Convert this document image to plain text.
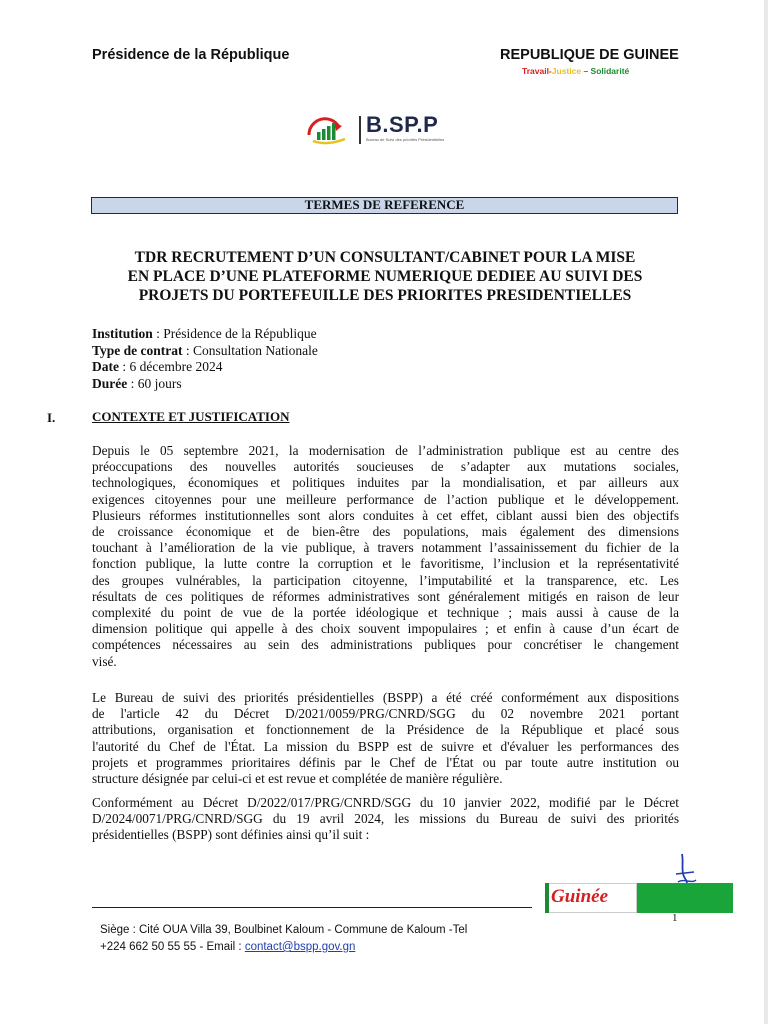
Présidence de la République	REPUBLIQUE DE GUINEE
Travail-Justice – Solidarité
B.SP.P
Bureau de Suivi des priorités Présidentielles
TERMES DE REFERENCE
TDR RECRUTEMENT D’UN CONSULTANT/CABINET POUR LA MISE
EN PLACE D’UNE PLATEFORME NUMERIQUE DEDIEE AU SUIVI DES
PROJETS DU PORTEFEUILLE DES PRIORITES PRESIDENTIELLES
Institution : Présidence de la République
Type de contrat : Consultation Nationale
Date : 6 décembre 2024
Durée : 60 jours
I.	CONTEXTE ET JUSTIFICATION
Depuis le 05 septembre 2021, la modernisation de l’administration publique est au centre des
préoccupations des nouvelles autorités soucieuses de s’adapter aux mutations sociales,
technologiques, économiques et politiques induites par la mondialisation, et par ailleurs aux
exigences citoyennes pour une meilleure performance de l’action publique et le développement.
Plusieurs réformes institutionnelles sont alors conduites à cet effet, ciblant aussi bien des objectifs
de croissance économique et de bien-être des populations, mais également des dimensions
touchant à l’amélioration de la vie publique, à travers notamment l’assainissement du fichier de la
fonction publique, la lutte contre la corruption et le favoritisme, l’inclusion et la représentativité
des groupes vulnérables, la participation citoyenne, l’imputabilité et la transparence, etc. Les
résultats de ces politiques de réformes administratives sont généralement mitigés en raison de leur
complexité du point de vue de la portée idéologique et technique ; mais aussi à cause de la
dimension politique qui appelle à des choix souvent impopulaires ; et enfin à cause d’un écart de
compétences nécessaires au sein des administrations publiques pour concrétiser le changement
visé.
Le Bureau de suivi des priorités présidentielles (BSPP) a été créé conformément aux dispositions
de l'article 42 du Décret D/2021/0059/PRG/CNRD/SGG du 02 novembre 2021 portant
attributions, organisation et fonctionnement de la Présidence de la République et placé sous
l'autorité du Chef de l'État. La mission du BSPP est de suivre et d'évaluer les performances des
projets et programmes prioritaires définis par le Chef de l'État ou par toute autre institution ou
structure désignée par celui-ci et est revue et complétée de manière régulière.
Conformément au Décret D/2022/017/PRG/CNRD/SGG du 10 janvier 2022, modifié par le Décret
D/2024/0071/PRG/CNRD/SGG du 19 avril 2024, les missions du Bureau de suivi des priorités
présidentielles (BSPP) sont définies ainsi qu’il suit :
Guinée
1
Siège : Cité OUA Villa 39, Boulbinet Kaloum - Commune de Kaloum -Tel
+224 662 50 55 55 - Email : contact@bspp.gov.gn
